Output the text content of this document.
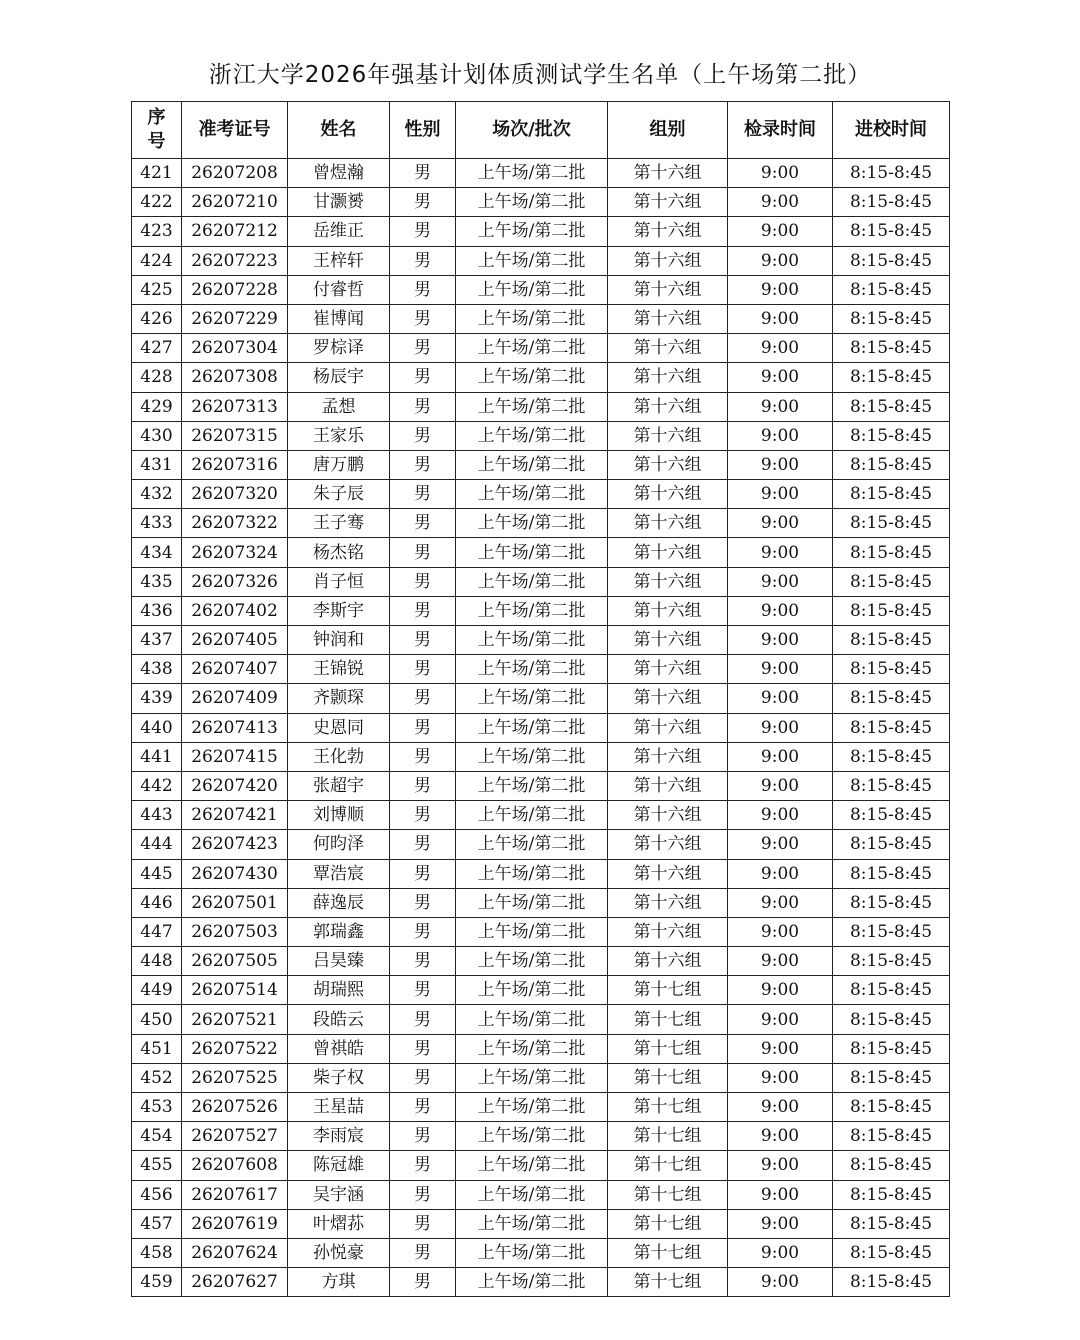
浙江大学2026年强基计划体质测试学生名单（上午场第二批）
序
号	准考证号	姓名	性别	场次/批次	组别	检录时间	进校时间
421	26207208	曾煜瀚	男	上午场/第二批	第十六组	9:00	8:15-8:45
422	26207210	甘灏赟	男	上午场/第二批	第十六组	9:00	8:15-8:45
423	26207212	岳维正	男	上午场/第二批	第十六组	9:00	8:15-8:45
424	26207223	王梓轩	男	上午场/第二批	第十六组	9:00	8:15-8:45
425	26207228	付睿哲	男	上午场/第二批	第十六组	9:00	8:15-8:45
426	26207229	崔博闻	男	上午场/第二批	第十六组	9:00	8:15-8:45
427	26207304	罗棕译	男	上午场/第二批	第十六组	9:00	8:15-8:45
428	26207308	杨辰宇	男	上午场/第二批	第十六组	9:00	8:15-8:45
429	26207313	孟想	男	上午场/第二批	第十六组	9:00	8:15-8:45
430	26207315	王家乐	男	上午场/第二批	第十六组	9:00	8:15-8:45
431	26207316	唐万鹏	男	上午场/第二批	第十六组	9:00	8:15-8:45
432	26207320	朱子辰	男	上午场/第二批	第十六组	9:00	8:15-8:45
433	26207322	王子骞	男	上午场/第二批	第十六组	9:00	8:15-8:45
434	26207324	杨杰铭	男	上午场/第二批	第十六组	9:00	8:15-8:45
435	26207326	肖子恒	男	上午场/第二批	第十六组	9:00	8:15-8:45
436	26207402	李斯宇	男	上午场/第二批	第十六组	9:00	8:15-8:45
437	26207405	钟润和	男	上午场/第二批	第十六组	9:00	8:15-8:45
438	26207407	王锦锐	男	上午场/第二批	第十六组	9:00	8:15-8:45
439	26207409	齐颢琛	男	上午场/第二批	第十六组	9:00	8:15-8:45
440	26207413	史恩同	男	上午场/第二批	第十六组	9:00	8:15-8:45
441	26207415	王化勃	男	上午场/第二批	第十六组	9:00	8:15-8:45
442	26207420	张超宇	男	上午场/第二批	第十六组	9:00	8:15-8:45
443	26207421	刘博顺	男	上午场/第二批	第十六组	9:00	8:15-8:45
444	26207423	何昀泽	男	上午场/第二批	第十六组	9:00	8:15-8:45
445	26207430	覃浩宸	男	上午场/第二批	第十六组	9:00	8:15-8:45
446	26207501	薛逸辰	男	上午场/第二批	第十六组	9:00	8:15-8:45
447	26207503	郭瑞鑫	男	上午场/第二批	第十六组	9:00	8:15-8:45
448	26207505	吕昊臻	男	上午场/第二批	第十六组	9:00	8:15-8:45
449	26207514	胡瑞熙	男	上午场/第二批	第十七组	9:00	8:15-8:45
450	26207521	段皓云	男	上午场/第二批	第十七组	9:00	8:15-8:45
451	26207522	曾祺皓	男	上午场/第二批	第十七组	9:00	8:15-8:45
452	26207525	柴子权	男	上午场/第二批	第十七组	9:00	8:15-8:45
453	26207526	王星喆	男	上午场/第二批	第十七组	9:00	8:15-8:45
454	26207527	李雨宸	男	上午场/第二批	第十七组	9:00	8:15-8:45
455	26207608	陈冠雄	男	上午场/第二批	第十七组	9:00	8:15-8:45
456	26207617	吴宇涵	男	上午场/第二批	第十七组	9:00	8:15-8:45
457	26207619	叶熠荪	男	上午场/第二批	第十七组	9:00	8:15-8:45
458	26207624	孙悦豪	男	上午场/第二批	第十七组	9:00	8:15-8:45
459	26207627	方琪	男	上午场/第二批	第十七组	9:00	8:15-8:45
